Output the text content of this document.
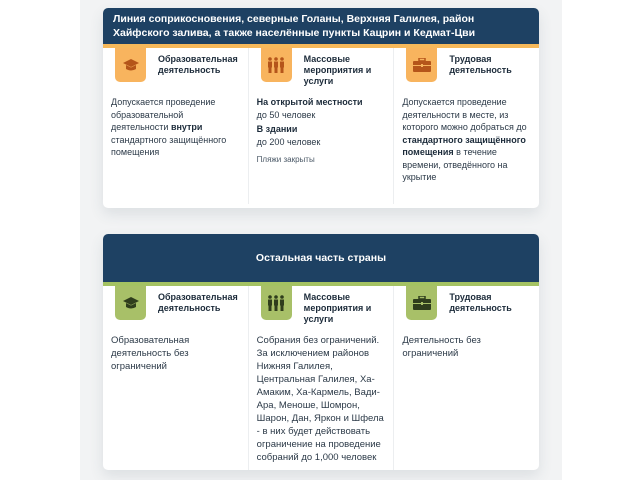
Линия соприкосновения, северные Голаны, Верхняя Галилея, район Хайфского залива, а также населённые пункты Кацрин и Кедмат-Цви
Образовательная деятельность
Допускается проведение образовательной деятельности внутри стандартного защищённого помещения
Массовые мероприятия и услуги
На открытой местности
до 50 человек
В здании
до 200 человек
Пляжи закрыты
Трудовая деятельность
Допускается проведение деятельности в месте, из которого можно добраться до стандартного защищённого помещения в течение времени, отведённого на укрытие
Остальная часть страны
Образовательная деятельность
Образовательная деятельность без ограничений
Массовые мероприятия и услуги
Собрания без ограничений. За исключением районов Нижняя Галилея, Центральная Галилея, Ха-Амаким, Ха-Кармель, Вади-Ара, Меноше, Шомрон, Шарон, Дан, Яркон и Шфела - в них будет действовать ограничение на проведение собраний до 1,000 человек
Трудовая деятельность
Деятельность без ограничений
